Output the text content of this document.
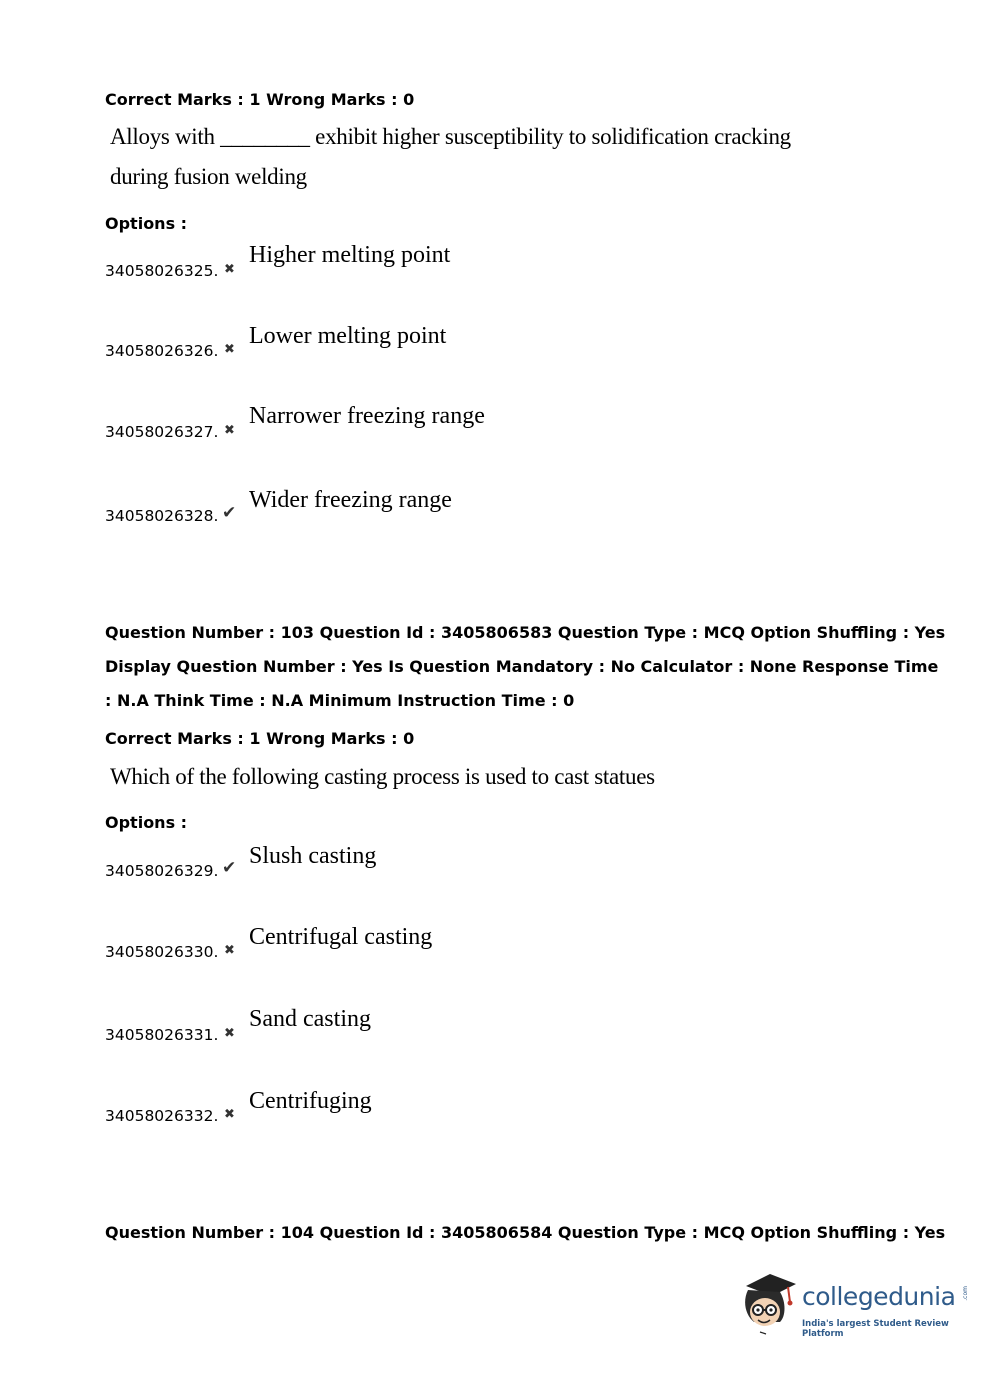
Correct Marks : 1 Wrong Marks : 0
Alloys with ________ exhibit higher susceptibility to solidification cracking
during fusion welding
Options :
34058026325. ✖
Higher melting point
34058026326. ✖
Lower melting point
34058026327. ✖
Narrower freezing range
34058026328. ✔ Wider freezing range
Question Number : 103 Question Id : 3405806583 Question Type : MCQ Option Shuffling : Yes
Display Question Number : Yes Is Question Mandatory : No Calculator : None Response Time
: N.A Think Time : N.A Minimum Instruction Time : 0
Correct Marks : 1 Wrong Marks : 0
Which of the following casting process is used to cast statues
Options :
34058026329. ✔ Slush casting
34058026330. ✖
Centrifugal casting
34058026331. ✖
Sand casting
34058026332. ✖
Centrifuging
Question Number : 104 Question Id : 3405806584 Question Type : MCQ Option Shuffling : Yes
collegedunia .com
India's largest Student Review Platform
